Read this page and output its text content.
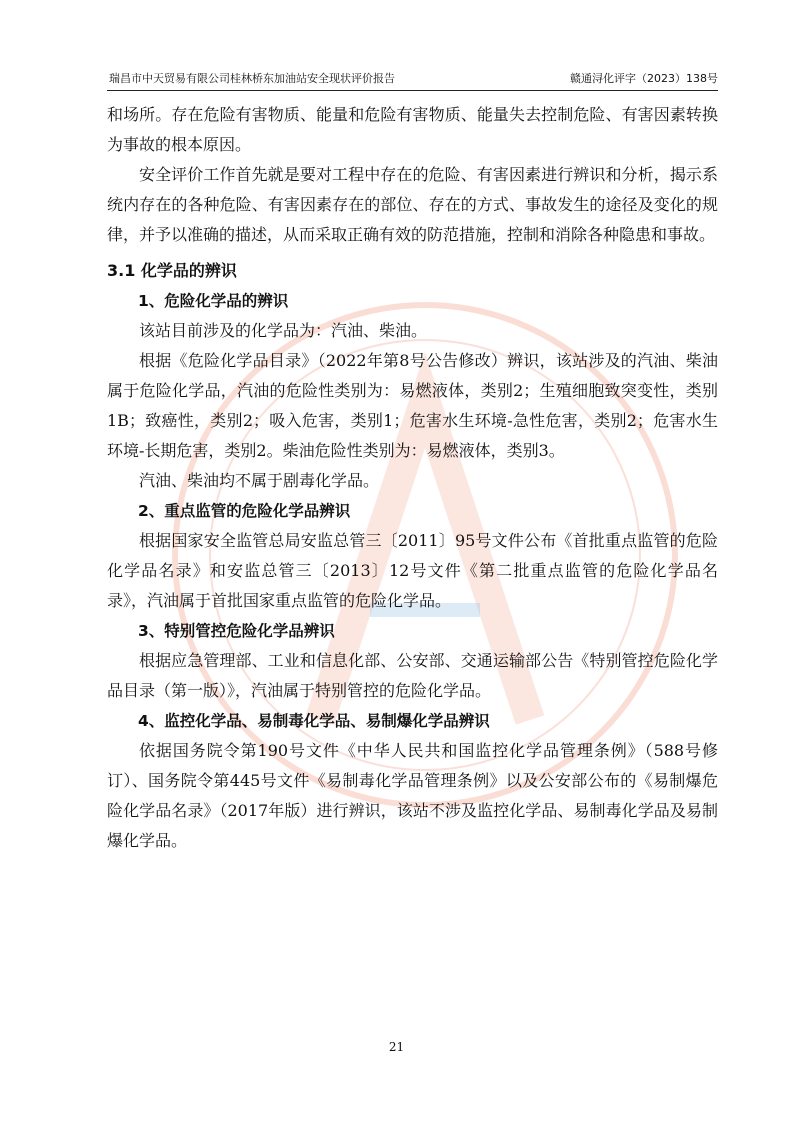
瑞昌市中天贸易有限公司桂林桥东加油站安全现状评价报告	赣通浔化评字（2023）138号

和场所。存在危险有害物质、能量和危险有害物质、能量失去控制危险、有害因素转换为事故的根本原因。

安全评价工作首先就是要对工程中存在的危险、有害因素进行辨识和分析，揭示系统内存在的各种危险、有害因素存在的部位、存在的方式、事故发生的途径及变化的规律，并予以准确的描述，从而采取正确有效的防范措施，控制和消除各种隐患和事故。

3.1 化学品的辨识
1、危险化学品的辨识

该站目前涉及的化学品为：汽油、柴油。

根据《危险化学品目录》（2022年第8号公告修改）辨识，该站涉及的汽油、柴油属于危险化学品，汽油的危险性类别为：易燃液体，类别2；生殖细胞致突变性，类别1B；致癌性，类别2；吸入危害，类别1；危害水生环境-急性危害，类别2；危害水生环境-长期危害，类别2。柴油危险性类别为：易燃液体，类别3。

汽油、柴油均不属于剧毒化学品。

2、重点监管的危险化学品辨识

根据国家安全监管总局安监总管三〔2011〕95号文件公布《首批重点监管的危险化学品名录》和安监总管三〔2013〕12号文件《第二批重点监管的危险化学品名录》，汽油属于首批国家重点监管的危险化学品。

3、特别管控危险化学品辨识

根据应急管理部、工业和信息化部、公安部、交通运输部公告《特别管控危险化学品目录（第一版）》，汽油属于特别管控的危险化学品。

4、监控化学品、易制毒化学品、易制爆化学品辨识

依据国务院令第190号文件《中华人民共和国监控化学品管理条例》（588号修订）、国务院令第445号文件《易制毒化学品管理条例》以及公安部公布的《易制爆危险化学品名录》（2017年版）进行辨识，该站不涉及监控化学品、易制毒化学品及易制爆化学品。

21
